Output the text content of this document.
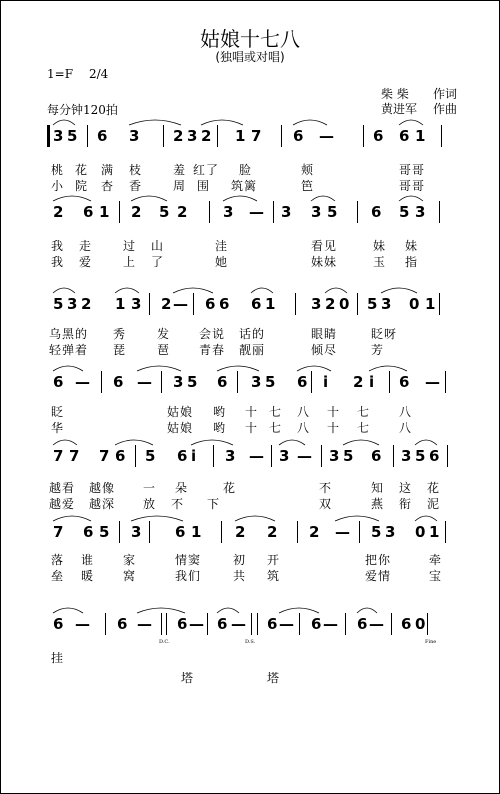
姑娘十七八
(独唱或对唱)
1=F 2/4
柴 柴 作词
每分钟120拍	黄进军 作曲
3 5 6 3 2 3 2 1 7 6 —	6 6 1
桃 花 满 枝	羞 红了 脸	颊	哥哥
小 院 杏 香	周 围 筑篱	笆	哥哥
2 6 1 2 5 2 3 — 3 3 5 6 5 3
我 走	过 山	洼	看见	妹 妹
我 爱	上 了	她	妹妹	玉 指
5 3 2 1 3 2 — 6 6 6 1 3 2 0 5 3 0 1
乌黑的 秀	发 会说 话的	眼睛	眨呀
轻弹着 琵	琶 青春 靓丽	倾尽	芳
6 — 6 — 3 5 6 3 5 6 i 2 i 6 —
眨	姑娘 哟 十 七 八 十 七 八
华	姑娘 哟 十 七 八 十 七 八
7 7 7 6 5 6 i 3 — 3 — 3 5 6 3 5 6
越看 越像 一 朵	花	不	知 这 花
越爱 越深 放 不 下	双	燕 衔 泥
7 6 5 3 6 1 2 2 2 — 5 3 0 1
落 谁 家	情窦	初 开	把你	牵
垒 暖 窝	我们	共 筑	爱情	宝
6 — 6 — 6 — 6 — 6 — 6 — 6 — 6 0
挂
塔	塔
D.C.	D.S.	Fine
